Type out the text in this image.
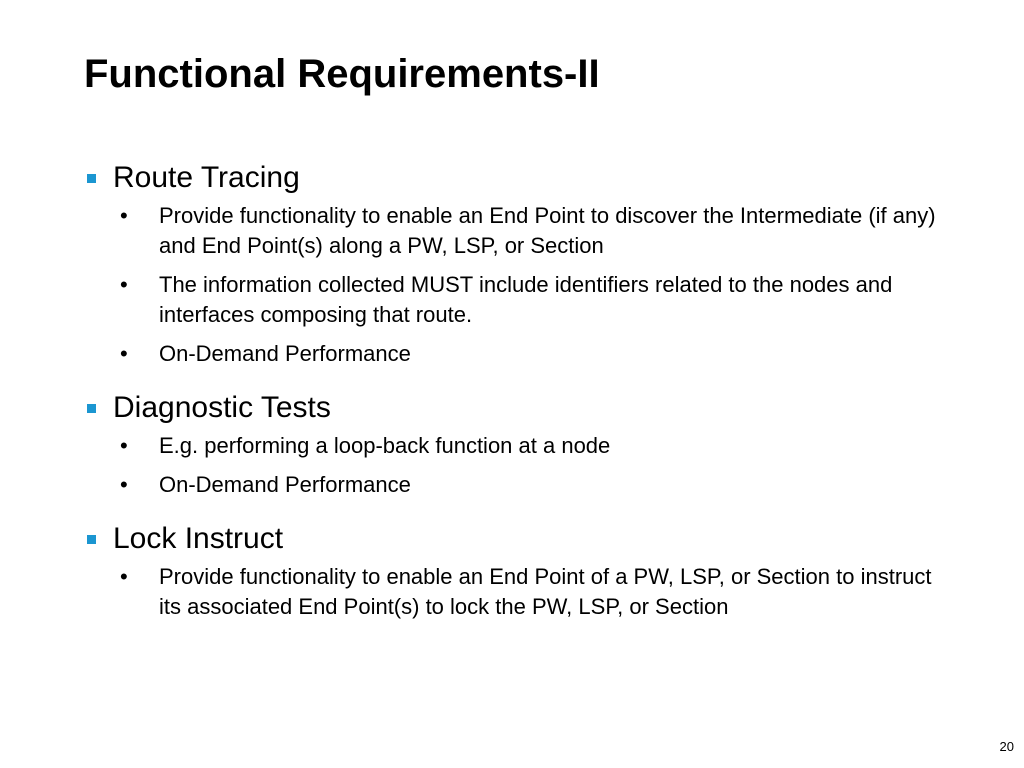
Functional Requirements-II
Route Tracing
•	Provide functionality to enable an End Point to discover the Intermediate (if any) and End Point(s) along a PW, LSP, or Section
•	The information collected MUST include identifiers related to the nodes and interfaces composing that route.
•	On-Demand Performance
Diagnostic Tests
•	E.g. performing a loop-back function at a node
•	On-Demand Performance
Lock Instruct
•	Provide functionality to enable an End Point of a PW, LSP, or Section to instruct its associated End Point(s) to lock the PW, LSP, or Section
20
